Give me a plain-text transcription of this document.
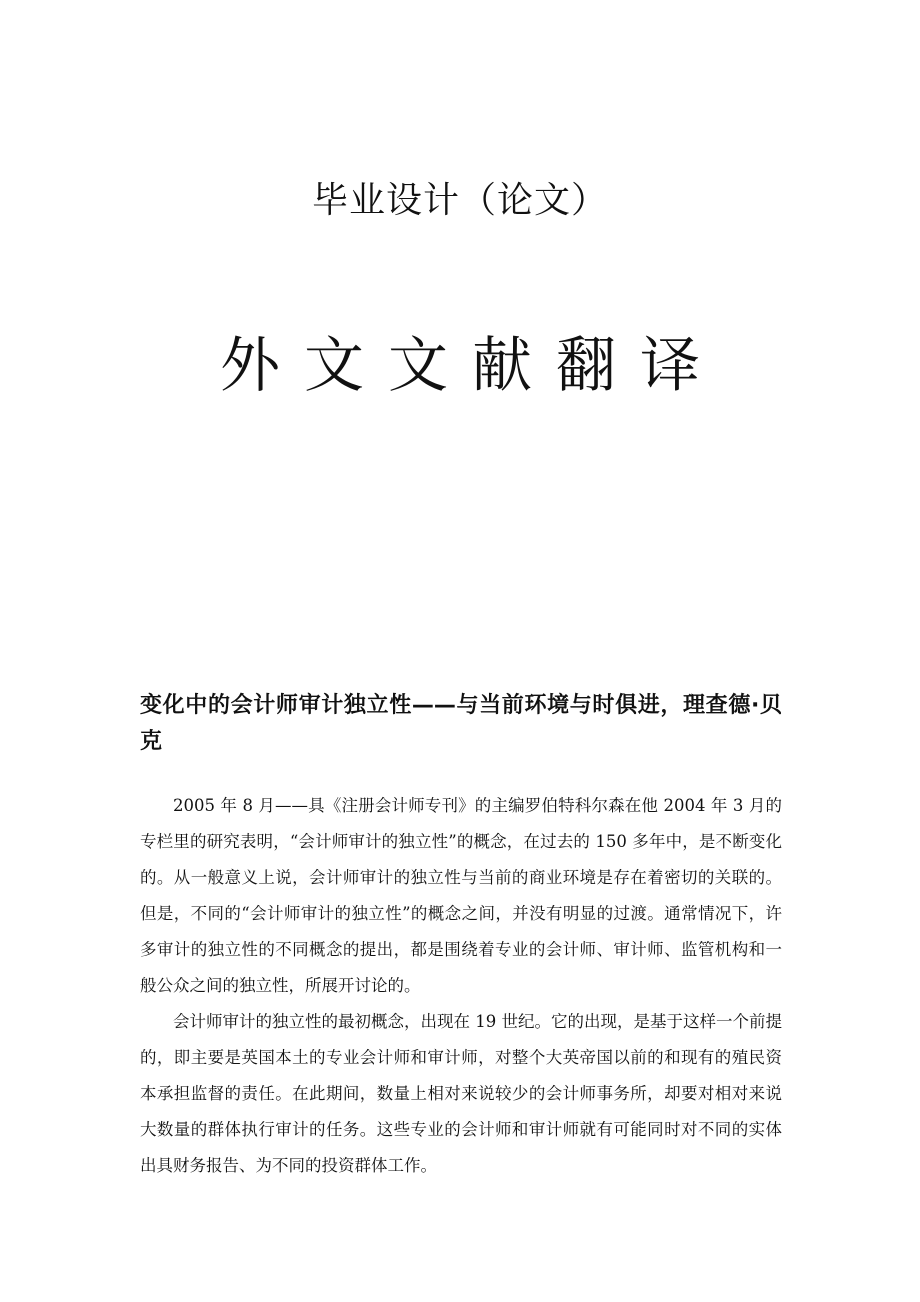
毕业设计（论文）
外文文献翻译
变化中的会计师审计独立性——与当前环境与时俱进，理查德·贝克

2005 年 8 月——具《注册会计师专刊》的主编罗伯特科尔森在他 2004 年 3 月的专栏里的研究表明，“会计师审计的独立性”的概念，在过去的 150 多年中，是不断变化的。从一般意义上说，会计师审计的独立性与当前的商业环境是存在着密切的关联的。但是，不同的“会计师审计的独立性”的概念之间，并没有明显的过渡。通常情况下，许多审计的独立性的不同概念的提出，都是围绕着专业的会计师、审计师、监管机构和一般公众之间的独立性，所展开讨论的。

会计师审计的独立性的最初概念，出现在 19 世纪。它的出现，是基于这样一个前提的，即主要是英国本土的专业会计师和审计师，对整个大英帝国以前的和现有的殖民资本承担监督的责任。在此期间，数量上相对来说较少的会计师事务所，却要对相对来说大数量的群体执行审计的任务。这些专业的会计师和审计师就有可能同时对不同的实体出具财务报告、为不同的投资群体工作。
